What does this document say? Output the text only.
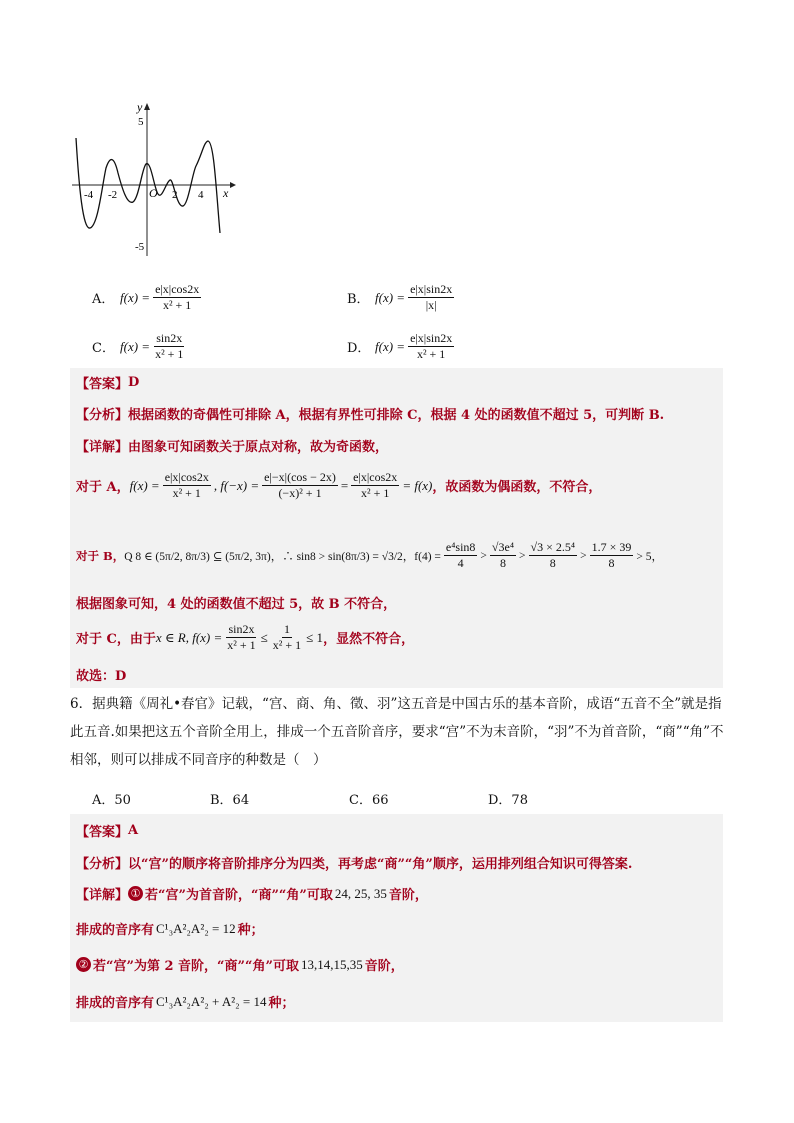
y
x
O
5
-5
-4 -2	2 4
A． $f(x) = \frac{e|x|\cos 2x}{\text{x² + 1}}$	B． $f(x) = \frac{e|x|\sin 2x}{|x|}$
C． $f(x) = \frac{\sin 2x}{\text{x² + 1}}$	D． $f(x) = \frac{e|x|\sin 2x}{\text{x² + 1}}$
【答案】 D
【分析】 根据函数的奇偶性可排除 A，根据有界性可排除 C，根据 4 处的函数值不超过 5，可判断 B.
【详解】 由图象可知函数关于原点对称，故为奇函数，
对于 A， $f(x) = \frac{e|x|\cos 2x}{\text{x² + 1}}$ , $f(-x) = \frac{e|-x|(\cos - 2x)}{\text{(−x)² + 1}} = \frac{e|x|\cos 2x}{\text{x² + 1}} = f(x)$ ，故函数为偶函数，不符合，
对于 B， Q 8 ∈ (5π/2, 8π/3) ⊆ (5π/2, 3π)，∴ sin8 > sin(8π/3) = √3/2，$f(4) = \frac{\text{e⁴sin8}}{4} > \frac{\text{√3e⁴}}{8} > \frac{\text{√3 × 2.5⁴}}{8} > \frac{1.7 \times 39}{8} > 5$，
根据图象可知，4 处的函数值不超过 5，故 B 不符合，
对于 C，由于 x ∈ R, $f(x) = \frac{\sin 2x}{\text{x² + 1}} \le \frac{1}{\text{x² + 1}} \le 1$ ，显然不符合，
故选：D
6．据典籍《周礼•春官》记载，“宫、商、角、徵、羽”这五音是中国古乐的基本音阶，成语“五音不全”就是指此五音.如果把这五个音阶全用上，排成一个五音阶音序，要求“宫”不为末音阶，“羽”不为首音阶，“商”“角”不相邻，则可以排成不同音序的种数是（　）
A．50	B．64	C．66	D．78
【答案】 A
【分析】 以“宫”的顺序将音阶排序分为四类，再考虑“商”“角”顺序，运用排列组合知识可得答案.
【详解】 ① 若“宫”为首音阶，“商”“角”可取 24, 25, 35 音阶，
排成的音序有 C¹₃A²₂A²₂ = 12 种；
② 若“宫”为第 2 音阶，“商”“角”可取 13,14,15,35 音阶，
排成的音序有 C¹₃A²₂A²₂ + A²₂ = 14 种；
